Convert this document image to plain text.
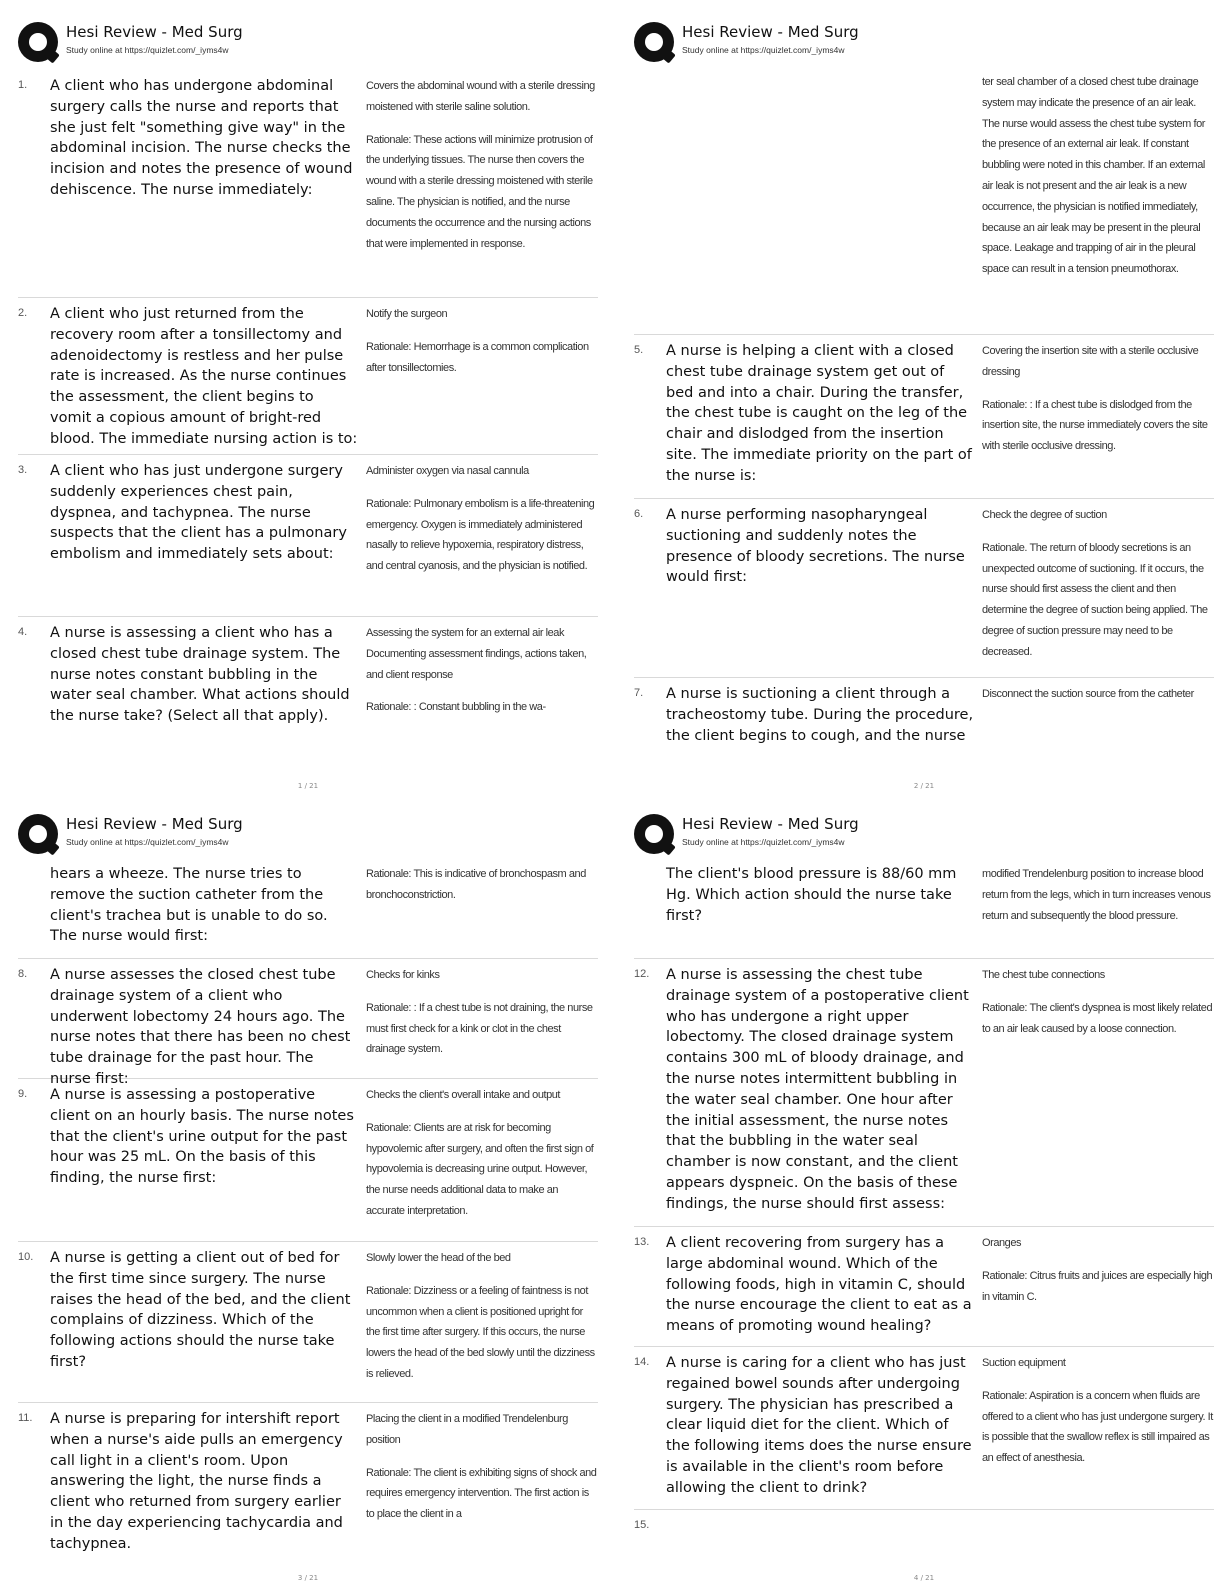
Hesi Review - Med Surg
Study online at https://quizlet.com/_iyms4w
1.	A client who has undergone abdominal surgery calls the nurse and reports that she just felt "something give way" in the abdominal incision. The nurse checks the incision and notes the presence of wound dehiscence. The nurse immediately:

Covers the abdominal wound with a sterile dressing moistened with sterile saline solution.

Rationale: These actions will minimize protrusion of the underlying tissues. The nurse then covers the wound with a sterile dressing moistened with sterile saline. The physician is notified, and the nurse documents the occurrence and the nursing actions that were implemented in response.

2.	A client who just returned from the recovery room after a tonsillectomy and adenoidectomy is restless and her pulse rate is increased. As the nurse continues the assessment, the client begins to vomit a copious amount of bright-red blood. The immediate nursing action is to:

Notify the surgeon

Rationale: Hemorrhage is a common complication after tonsillectomies.

3.	A client who has just undergone surgery suddenly experiences chest pain, dyspnea, and tachypnea. The nurse suspects that the client has a pulmonary embolism and immediately sets about:

Administer oxygen via nasal cannula

Rationale: Pulmonary embolism is a life-threatening emergency. Oxygen is immediately administered nasally to relieve hypoxemia, respiratory distress, and central cyanosis, and the physician is notified.

4.	A nurse is assessing a client who has a closed chest tube drainage system. The nurse notes constant bubbling in the water seal chamber. What actions should the nurse take? (Select all that apply).

Assessing the system for an external air leak Documenting assessment findings, actions taken, and client response

Rationale: : Constant bubbling in the wa-

1 / 21
Hesi Review - Med Surg
Study online at https://quizlet.com/_iyms4w

ter seal chamber of a closed chest tube drainage system may indicate the presence of an air leak. The nurse would assess the chest tube system for the presence of an external air leak. If constant bubbling were noted in this chamber. If an external air leak is not present and the air leak is a new occurrence, the physician is notified immediately, because an air leak may be present in the pleural space. Leakage and trapping of air in the pleural space can result in a tension pneumothorax.

5.	A nurse is helping a client with a closed chest tube drainage system get out of bed and into a chair. During the transfer, the chest tube is caught on the leg of the chair and dislodged from the insertion site. The immediate priority on the part of the nurse is:

Covering the insertion site with a sterile occlusive dressing

Rationale: : If a chest tube is dislodged from the insertion site, the nurse immediately covers the site with sterile occlusive dressing.

6.	A nurse performing nasopharyngeal suctioning and suddenly notes the presence of bloody secretions. The nurse would first:

Check the degree of suction

Rationale. The return of bloody secretions is an unexpected outcome of suctioning. If it occurs, the nurse should first assess the client and then determine the degree of suction being applied. The degree of suction pressure may need to be decreased.

7.	A nurse is suctioning a client through a tracheostomy tube. During the procedure, the client begins to cough, and the nurse

Disconnect the suction source from the catheter

2 / 21
Hesi Review - Med Surg
Study online at https://quizlet.com/_iyms4w
hears a wheeze. The nurse tries to remove the suction catheter from the client's trachea but is unable to do so. The nurse would first:

Rationale: This is indicative of bronchospasm and bronchoconstriction.

8.	A nurse assesses the closed chest tube drainage system of a client who underwent lobectomy 24 hours ago. The nurse notes that there has been no chest tube drainage for the past hour. The nurse first:

Checks for kinks

Rationale: : If a chest tube is not draining, the nurse must first check for a kink or clot in the chest drainage system.

9.	A nurse is assessing a postoperative client on an hourly basis. The nurse notes that the client's urine output for the past hour was 25 mL. On the basis of this finding, the nurse first:

Checks the client's overall intake and output

Rationale: Clients are at risk for becoming hypovolemic after surgery, and often the first sign of hypovolemia is decreasing urine output. However, the nurse needs additional data to make an accurate interpretation.

10.	A nurse is getting a client out of bed for the first time since surgery. The nurse raises the head of the bed, and the client complains of dizziness. Which of the following actions should the nurse take first?

Slowly lower the head of the bed

Rationale: Dizziness or a feeling of faintness is not uncommon when a client is positioned upright for the first time after surgery. If this occurs, the nurse lowers the head of the bed slowly until the dizziness is relieved.

11.	A nurse is preparing for intershift report when a nurse's aide pulls an emergency call light in a client's room. Upon answering the light, the nurse finds a client who returned from surgery earlier in the day experiencing tachycardia and tachypnea.

Placing the client in a modified Trendelenburg position

Rationale: The client is exhibiting signs of shock and requires emergency intervention. The first action is to place the client in a

3 / 21
Hesi Review - Med Surg
Study online at https://quizlet.com/_iyms4w
The client's blood pressure is 88/60 mm Hg. Which action should the nurse take first?

modified Trendelenburg position to increase blood return from the legs, which in turn increases venous return and subsequently the blood pressure.

12.	A nurse is assessing the chest tube drainage system of a postoperative client who has undergone a right upper lobectomy. The closed drainage system contains 300 mL of bloody drainage, and the nurse notes intermittent bubbling in the water seal chamber. One hour after the initial assessment, the nurse notes that the bubbling in the water seal chamber is now constant, and the client appears dyspneic. On the basis of these findings, the nurse should first assess:

The chest tube connections

Rationale: The client's dyspnea is most likely related to an air leak caused by a loose connection.

13.	A client recovering from surgery has a large abdominal wound. Which of the following foods, high in vitamin C, should the nurse encourage the client to eat as a means of promoting wound healing?

Oranges

Rationale: Citrus fruits and juices are especially high in vitamin C.

14.	A nurse is caring for a client who has just regained bowel sounds after undergoing surgery. The physician has prescribed a clear liquid diet for the client. Which of the following items does the nurse ensure is available in the client's room before allowing the client to drink?

Suction equipment

Rationale: Aspiration is a concern when fluids are offered to a client who has just undergone surgery. It is possible that the swallow reflex is still impaired as an effect of anesthesia.

15.
4 / 21
